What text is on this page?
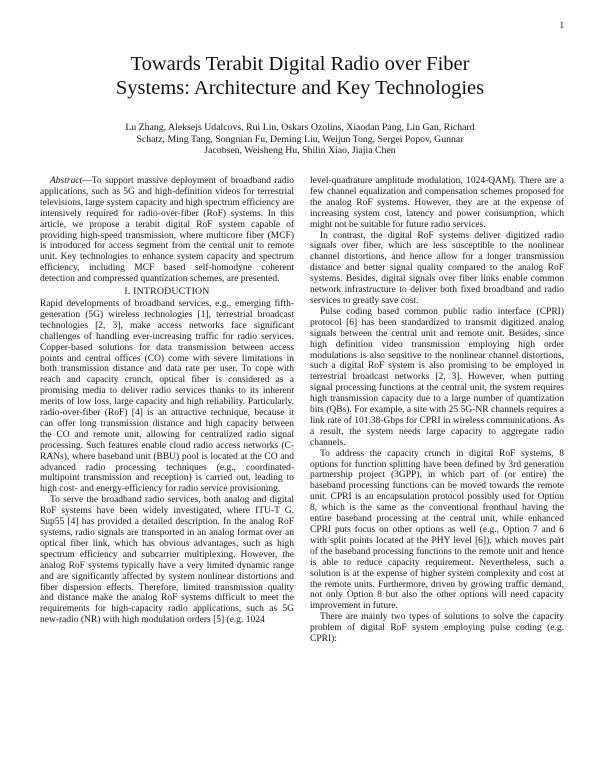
1
Towards Terabit Digital Radio over Fiber
Systems: Architecture and Key Technologies
Lu Zhang, Aleksejs Udalcovs, Rui Lin, Oskars Ozolins, Xiaodan Pang, Lin Gan, Richard
Schatz, Ming Tang, Songnian Fu, Deming Liu, Weijun Tong, Sergei Popov, Gunnar
Jacobsen, Weisheng Hu, Shilin Xiao, Jiajia Chen

Abstract—To support massive deployment of broadband radio applications, such as 5G and high-definition videos for terrestrial televisions, large system capacity and high spectrum efficiency are intensively required for radio-over-fiber (RoF) systems. In this article, we propose a terabit digital RoF system capable of providing high-speed transmission, where multicore fiber (MCF) is introduced for access segment from the central unit to remote unit. Key technologies to enhance system capacity and spectrum efficiency, including MCF based self-homodyne coherent detection and compressed quantization schemes, are presented.

I. INTRODUCTION

Rapid developments of broadband services, e.g., emerging fifth-generation (5G) wireless technologies [1], terrestrial broadcast technologies [2, 3], make access networks face significant challenges of handling ever-increasing traffic for radio services. Copper-based solutions for data transmission between access points and central offices (CO) come with severe limitations in both transmission distance and data rate per user. To cope with reach and capacity crunch, optical fiber is considered as a promising media to deliver radio services thanks to its inherent merits of low loss, large capacity and high reliability. Particularly, radio-over-fiber (RoF) [4] is an attractive technique, because it can offer long transmission distance and high capacity between the CO and remote unit, allowing for centralized radio signal processing. Such features enable cloud radio access networks (C-RANs), where baseband unit (BBU) pool is located at the CO and advanced radio processing techniques (e.g., coordinated-multipoint transmission and reception) is carried out, leading to high cost- and energy-efficiency for radio service provisioning.

To serve the broadband radio services, both analog and digital RoF systems have been widely investigated, where ITU-T G. Sup55 [4] has provided a detailed description. In the analog RoF systems, radio signals are transported in an analog format over an optical fiber link, which has obvious advantages, such as high spectrum efficiency and subcarrier multiplexing. However, the analog RoF systems typically have a very limited dynamic range and are significantly affected by system nonlinear distortions and fiber dispersion effects. Therefore, limited transmission quality and distance make the analog RoF systems difficult to meet the requirements for high-capacity radio applications, such as 5G new-radio (NR) with high modulation orders [5] (e.g. 1024

level-quadrature amplitude modulation, 1024-QAM). There are a few channel equalization and compensation schemes proposed for the analog RoF systems. However, they are at the expense of increasing system cost, latency and power consumption, which might not be suitable for future radio services.

In contrast, the digital RoF systems deliver digitized radio signals over fiber, which are less susceptible to the nonlinear channel distortions, and hence allow for a longer transmission distance and better signal quality compared to the analog RoF systems. Besides, digital signals over fiber links enable common network infrastructure to deliver both fixed broadband and radio services to greatly save cost.

Pulse coding based common public radio interface (CPRI) protocol [6] has been standardized to transmit digitized analog signals between the central unit and remote unit. Besides, since high definition video transmission employing high order modulations is also sensitive to the nonlinear channel distortions, such a digital RoF system is also promising to be employed in terrestrial broadcast networks [2, 3]. However, when putting signal processing functions at the central unit, the system requires high transmission capacity due to a large number of quantization bits (QBs). For example, a site with 25 5G-NR channels requires a link rate of 101.38-Gbps for CPRI in wireless communications. As a result, the system needs large capacity to aggregate radio channels.

To address the capacity crunch in digital RoF systems, 8 options for function splitting have been defined by 3rd generation partnership project (3GPP), in which part of (or entire) the baseband processing functions can be moved towards the remote unit. CPRI is an encapsulation protocol possibly used for Option 8, which is the same as the conventional fronthaul having the entire baseband processing at the central unit, while enhanced CPRI puts focus on other options as well (e.g., Option 7 and 6 with split points located at the PHY level [6]), which moves part of the baseband processing functions to the remote unit and hence is able to reduce capacity requirement. Nevertheless, such a solution is at the expense of higher system complexity and cost at the remote units. Furthermore, driven by growing traffic demand, not only Option 8 but also the other options will need capacity improvement in future.

There are mainly two types of solutions to solve the capacity problem of digital RoF system employing pulse coding (e.g. CPRI):
